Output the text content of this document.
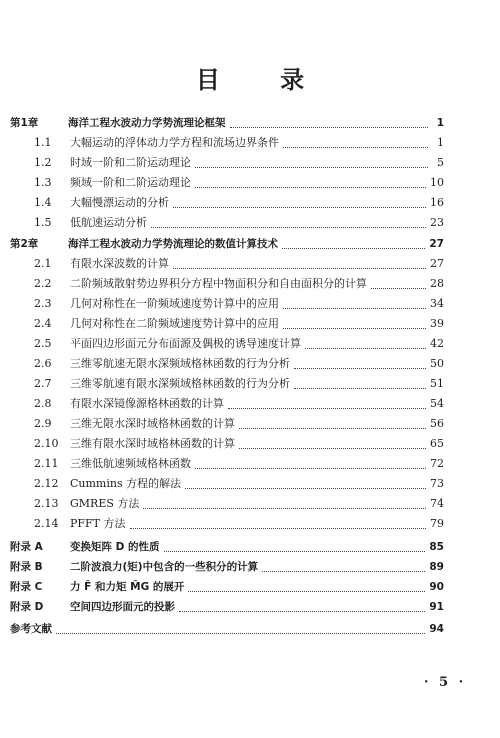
目 录
第1章	海洋工程水波动力学势流理论框架	1
1.1	大幅运动的浮体动力学方程和流场边界条件	1
1.2	时域一阶和二阶运动理论	5
1.3	频域一阶和二阶运动理论	10
1.4	大幅慢漂运动的分析	16
1.5	低航速运动分析	23
第2章	海洋工程水波动力学势流理论的数值计算技术	27
2.1	有限水深波数的计算	27
2.2	二阶频域散射势边界积分方程中物面积分和自由面积分的计算	28
2.3	几何对称性在一阶频域速度势计算中的应用	34
2.4	几何对称性在二阶频域速度势计算中的应用	39
2.5	平面四边形面元分布面源及偶极的诱导速度计算	42
2.6	三维零航速无限水深频域格林函数的行为分析	50
2.7	三维零航速有限水深频域格林函数的行为分析	51
2.8	有限水深镜像源格林函数的计算	54
2.9	三维无限水深时域格林函数的计算	56
2.10	三维有限水深时域格林函数的计算	65
2.11	三维低航速频域格林函数	72
2.12	Cummins 方程的解法	73
2.13	GMRES 方法	74
2.14	PFFT 方法	79
附录 A	变换矩阵 D 的性质	85
附录 B	二阶波浪力(矩)中包含的一些积分的计算	89
附录 C	力 F̂ 和力矩 M̂G 的展开	90
附录 D	空间四边形面元的投影	91
参考文献	94
· 5 ·
